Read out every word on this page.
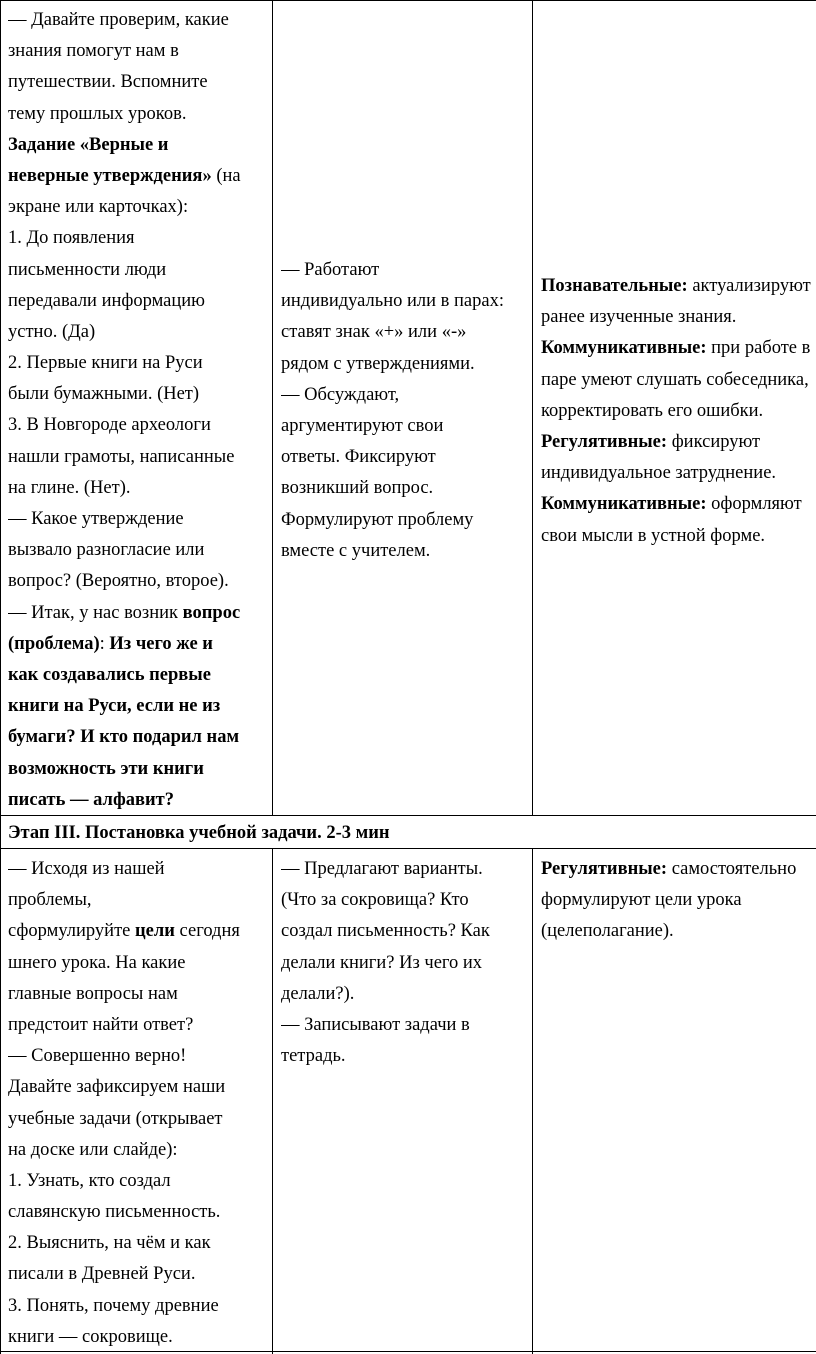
— Давайте проверим, какие
знания помогут нам в
путешествии. Вспомните
тему прошлых уроков.
Задание «Верные и
неверные утверждения» (на
экране или карточках):
1. До появления
письменности люди
передавали информацию
устно. (Да)
2. Первые книги на Руси
были бумажными. (Нет)
3. В Новгороде археологи
нашли грамоты, написанные
на глине. (Нет).
— Какое утверждение
вызвало разногласие или
вопрос? (Вероятно, второе).
— Итак, у нас возник вопрос
(проблема): Из чего же и
как создавались первые
книги на Руси, если не из
бумаги? И кто подарил нам
возможность эти книги
писать — алфавит?
— Работают
индивидуально или в парах:
ставят знак «+» или «-»
рядом с утверждениями.
— Обсуждают,
аргументируют свои
ответы. Фиксируют
возникший вопрос.
Формулируют проблему
вместе с учителем.
Познавательные: актуализируют
ранее изученные знания.
Коммуникативные: при работе в
паре умеют слушать собеседника,
корректировать его ошибки.
Регулятивные: фиксируют
индивидуальное затруднение.
Коммуникативные: оформляют
свои мысли в устной форме.
Этап III. Постановка учебной задачи. 2-3 мин
— Исходя из нашей
проблемы,
сформулируйте цели сегодня
шнего урока. На какие
главные вопросы нам
предстоит найти ответ?
— Совершенно верно!
Давайте зафиксируем наши
учебные задачи (открывает
на доске или слайде):
1. Узнать, кто создал
славянскую письменность.
2. Выяснить, на чём и как
писали в Древней Руси.
3. Понять, почему древние
книги — сокровище.
— Предлагают варианты.
(Что за сокровища? Кто
создал письменность? Как
делали книги? Из чего их
делали?).
— Записывают задачи в
тетрадь.
Регулятивные: самостоятельно
формулируют цели урока
(целеполагание).
